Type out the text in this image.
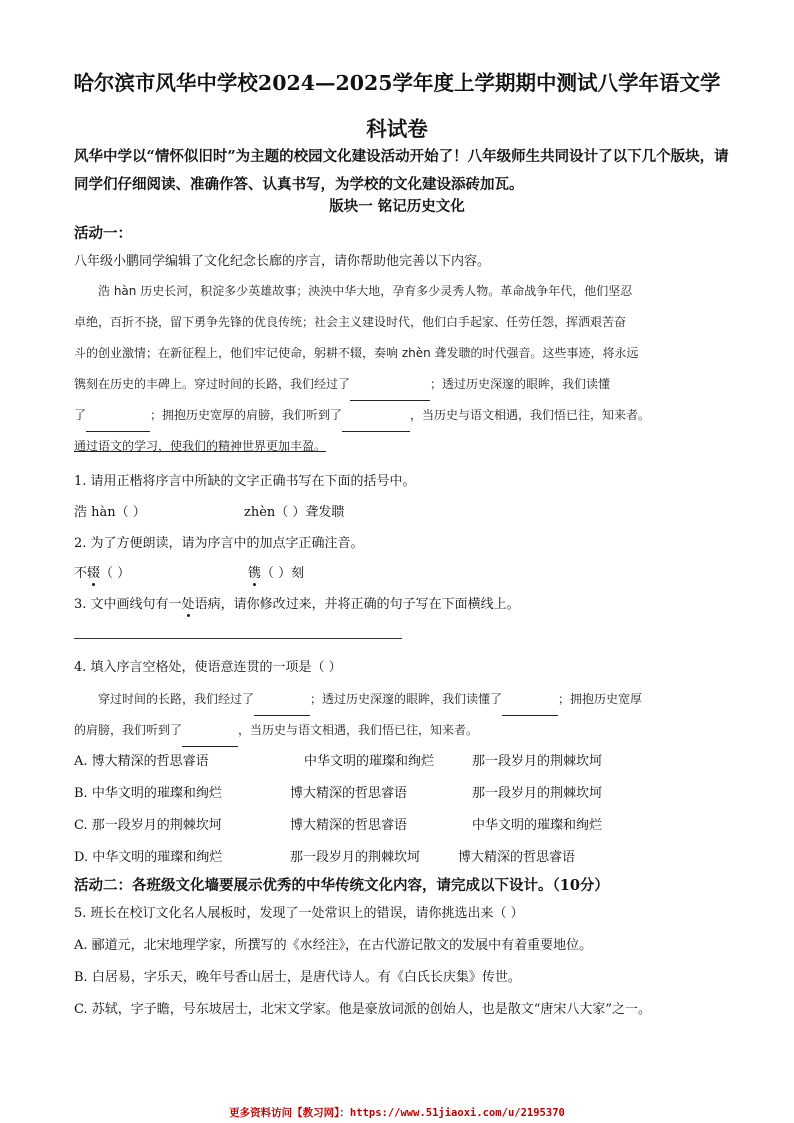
哈尔滨市风华中学校2024—2025学年度上学期期中测试八学年语文学
科试卷
风华中学以“情怀似旧时”为主题的校园文化建设活动开始了！八年级师生共同设计了以下几个版块，请同学们仔细阅读、准确作答、认真书写，为学校的文化建设添砖加瓦。
版块一 铭记历史文化
活动一：
八年级小鹏同学编辑了文化纪念长廊的序言，请你帮助他完善以下内容。
浩 hàn 历史长河，积淀多少英雄故事；泱泱中华大地，孕育多少灵秀人物。革命战争年代，他们坚忍
卓绝，百折不挠，留下勇争先锋的优良传统；社会主义建设时代，他们白手起家、任劳任怨，挥洒艰苦奋
斗的创业激情；在新征程上，他们牢记使命，躬耕不辍，奏响 zhèn 聋发聩的时代强音。这些事迹，将永远
镌刻在历史的丰碑上。穿过时间的长路，我们经过了	；透过历史深邃的眼眸，我们读懂
了	；拥抱历史宽厚的肩膀，我们听到了	，当历史与语文相遇，我们悟已往，知来者。
通过语文的学习，使我们的精神世界更加丰盈。
1. 请用正楷将序言中所缺的文字正确书写在下面的括号中。
浩 hàn（ ）	zhèn（ ）聋发聩
2. 为了方便朗读，请为序言中的加点字正确注音。
不辍（ ）	镌（ ）刻
3. 文中画线句有一处语病，请你修改过来，并将正确的句子写在下面横线上。
4. 填入序言空格处，使语意连贯的一项是（ ）
穿过时间的长路，我们经过了	；透过历史深邃的眼眸，我们读懂了	；拥抱历史宽厚
的肩膀，我们听到了	，当历史与语文相遇，我们悟已往，知来者。
A. 博大精深的哲思睿语	中华文明的璀璨和绚烂	那一段岁月的荆棘坎坷
B. 中华文明的璀璨和绚烂	博大精深的哲思睿语	那一段岁月的荆棘坎坷
C. 那一段岁月的荆棘坎坷	博大精深的哲思睿语	中华文明的璀璨和绚烂
D. 中华文明的璀璨和绚烂	那一段岁月的荆棘坎坷	博大精深的哲思睿语
活动二：各班级文化墙要展示优秀的中华传统文化内容，请完成以下设计。（10分）
5. 班长在校订文化名人展板时，发现了一处常识上的错误，请你挑选出来（ ）
A. 郦道元，北宋地理学家，所撰写的《水经注》，在古代游记散文的发展中有着重要地位。
B. 白居易，字乐天，晚年号香山居士，是唐代诗人。有《白氏长庆集》传世。
C. 苏轼，字子瞻，号东坡居士，北宋文学家。他是豪放词派的创始人，也是散文“唐宋八大家”之一。
更多资料访问【教习网】：https://www.51jiaoxi.com/u/2195370
